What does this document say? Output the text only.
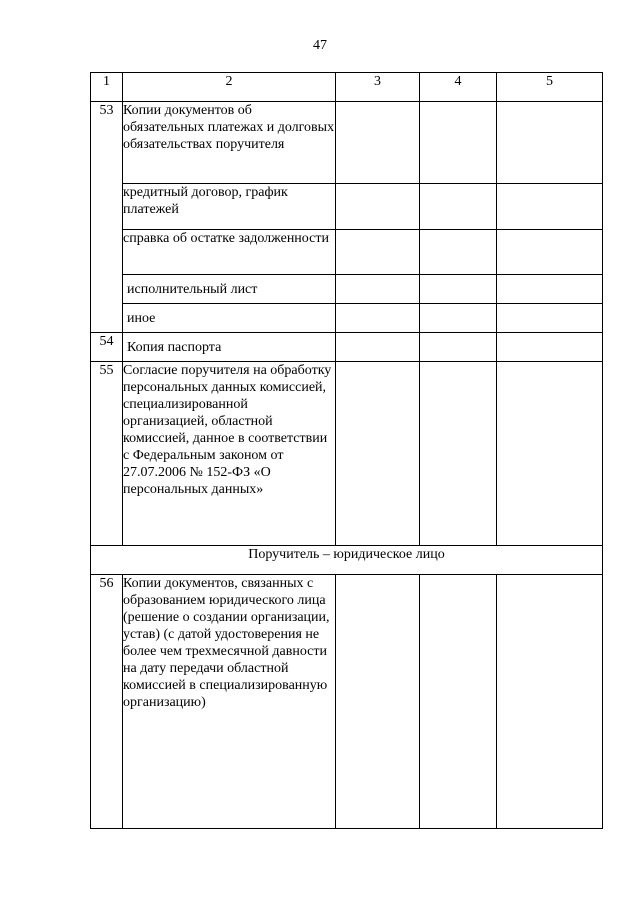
47
1	2	3	4	5
53	Копии документов об обязательных платежах и долговых обязательствах поручителя			
	кредитный договор, график платежей			
	справка об остатке задолженности			
	исполнительный лист			
	иное			
54	Копия паспорта			
55	Согласие поручителя на обработку персональных данных комиссией, специализированной организацией, областной комиссией, данное в соответствии с Федеральным законом от 27.07.2006 № 152-ФЗ «О персональных данных»			
Поручитель – юридическое лицо				
56	Копии документов, связанных с образованием юридического лица (решение о создании организации, устав) (с датой удостоверения не более чем трехмесячной давности на дату передачи областной комиссией в специализированную организацию)			
